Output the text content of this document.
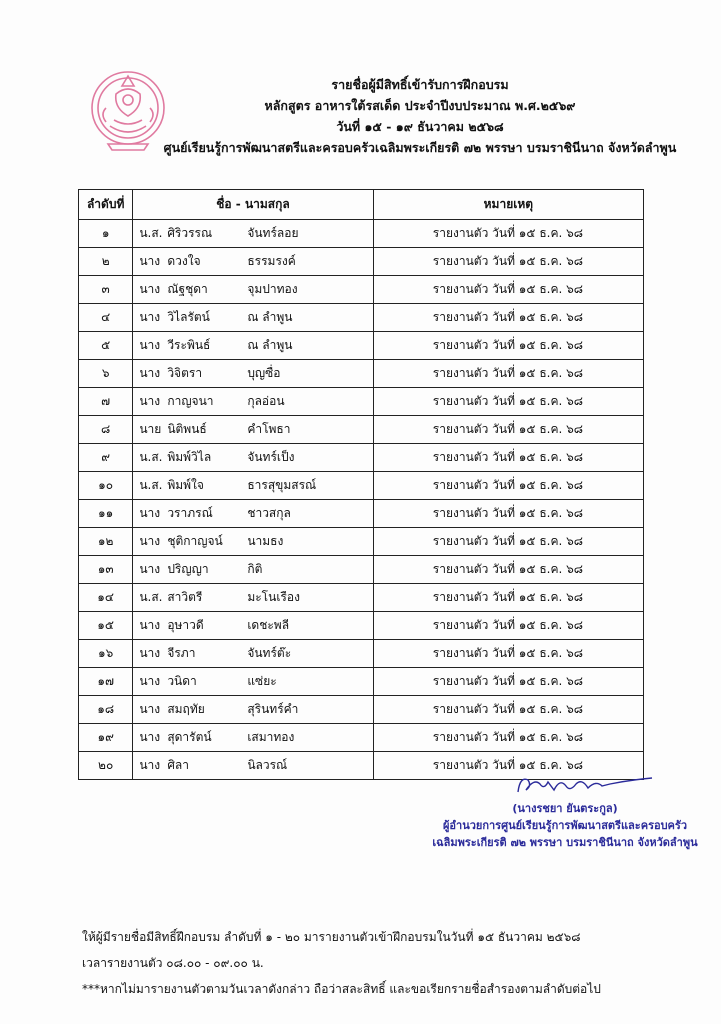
รายชื่อผู้มีสิทธิ์เข้ารับการฝึกอบรม
หลักสูตร อาหารใต้รสเด็ด ประจำปีงบประมาณ พ.ศ.๒๕๖๙
วันที่ ๑๕ - ๑๙ ธันวาคม ๒๕๖๘
ศูนย์เรียนรู้การพัฒนาสตรีและครอบครัวเฉลิมพระเกียรติ ๗๒ พรรษา บรมราชินีนาถ จังหวัดลำพูน
ลำดับที่	ชื่อ - นามสกุล	หมายเหตุ
๑	น.ส. ศิริวรรณ จันทร์ลอย	รายงานตัว วันที่ ๑๕ ธ.ค. ๖๘
๒	นาง ดวงใจ ธรรมรงค์	รายงานตัว วันที่ ๑๕ ธ.ค. ๖๘
๓	นาง ณัฐชุดา จุมปาทอง	รายงานตัว วันที่ ๑๕ ธ.ค. ๖๘
๔	นาง วิไลรัตน์ ณ ลำพูน	รายงานตัว วันที่ ๑๕ ธ.ค. ๖๘
๕	นาง วีระพินธ์ ณ ลำพูน	รายงานตัว วันที่ ๑๕ ธ.ค. ๖๘
๖	นาง วิจิตรา บุญซื่อ	รายงานตัว วันที่ ๑๕ ธ.ค. ๖๘
๗	นาง กาญจนา กุลอ่อน	รายงานตัว วันที่ ๑๕ ธ.ค. ๖๘
๘	นาย นิติพนธ์ คำโพธา	รายงานตัว วันที่ ๑๕ ธ.ค. ๖๘
๙	น.ส. พิมพ์วิไล จันทร์เป็ง	รายงานตัว วันที่ ๑๕ ธ.ค. ๖๘
๑๐	น.ส. พิมพ์ใจ ธารสุขุมสรณ์	รายงานตัว วันที่ ๑๕ ธ.ค. ๖๘
๑๑	นาง วราภรณ์ ชาวสกุล	รายงานตัว วันที่ ๑๕ ธ.ค. ๖๘
๑๒	นาง ชุติกาญจน์ นามธง	รายงานตัว วันที่ ๑๕ ธ.ค. ๖๘
๑๓	นาง ปริญญา กิติ	รายงานตัว วันที่ ๑๕ ธ.ค. ๖๘
๑๔	น.ส. สาวิตรี มะโนเรือง	รายงานตัว วันที่ ๑๕ ธ.ค. ๖๘
๑๕	นาง อุษาวดี เดชะพลี	รายงานตัว วันที่ ๑๕ ธ.ค. ๖๘
๑๖	นาง จีรภา จันทร์ต๊ะ	รายงานตัว วันที่ ๑๕ ธ.ค. ๖๘
๑๗	นาง วนิดา แซ่ยะ	รายงานตัว วันที่ ๑๕ ธ.ค. ๖๘
๑๘	นาง สมฤทัย สุรินทร์คำ	รายงานตัว วันที่ ๑๕ ธ.ค. ๖๘
๑๙	นาง สุดารัตน์ เสมาทอง	รายงานตัว วันที่ ๑๕ ธ.ค. ๖๘
๒๐	นาง ศิลา นิลวรณ์	รายงานตัว วันที่ ๑๕ ธ.ค. ๖๘
(นางรชยา ยันตระกูล)
ผู้อำนวยการศูนย์เรียนรู้การพัฒนาสตรีและครอบครัว
เฉลิมพระเกียรติ ๗๒ พรรษา บรมราชินีนาถ จังหวัดลำพูน
ให้ผู้มีรายชื่อมีสิทธิ์ฝึกอบรม ลำดับที่ ๑ - ๒๐ มารายงานตัวเข้าฝึกอบรมในวันที่ ๑๕ ธันวาคม ๒๕๖๘
เวลารายงานตัว ๐๘.๐๐ - ๐๙.๐๐ น.
***หากไม่มารายงานตัวตามวันเวลาดังกล่าว ถือว่าสละสิทธิ์ และขอเรียกรายชื่อสำรองตามลำดับต่อไป
